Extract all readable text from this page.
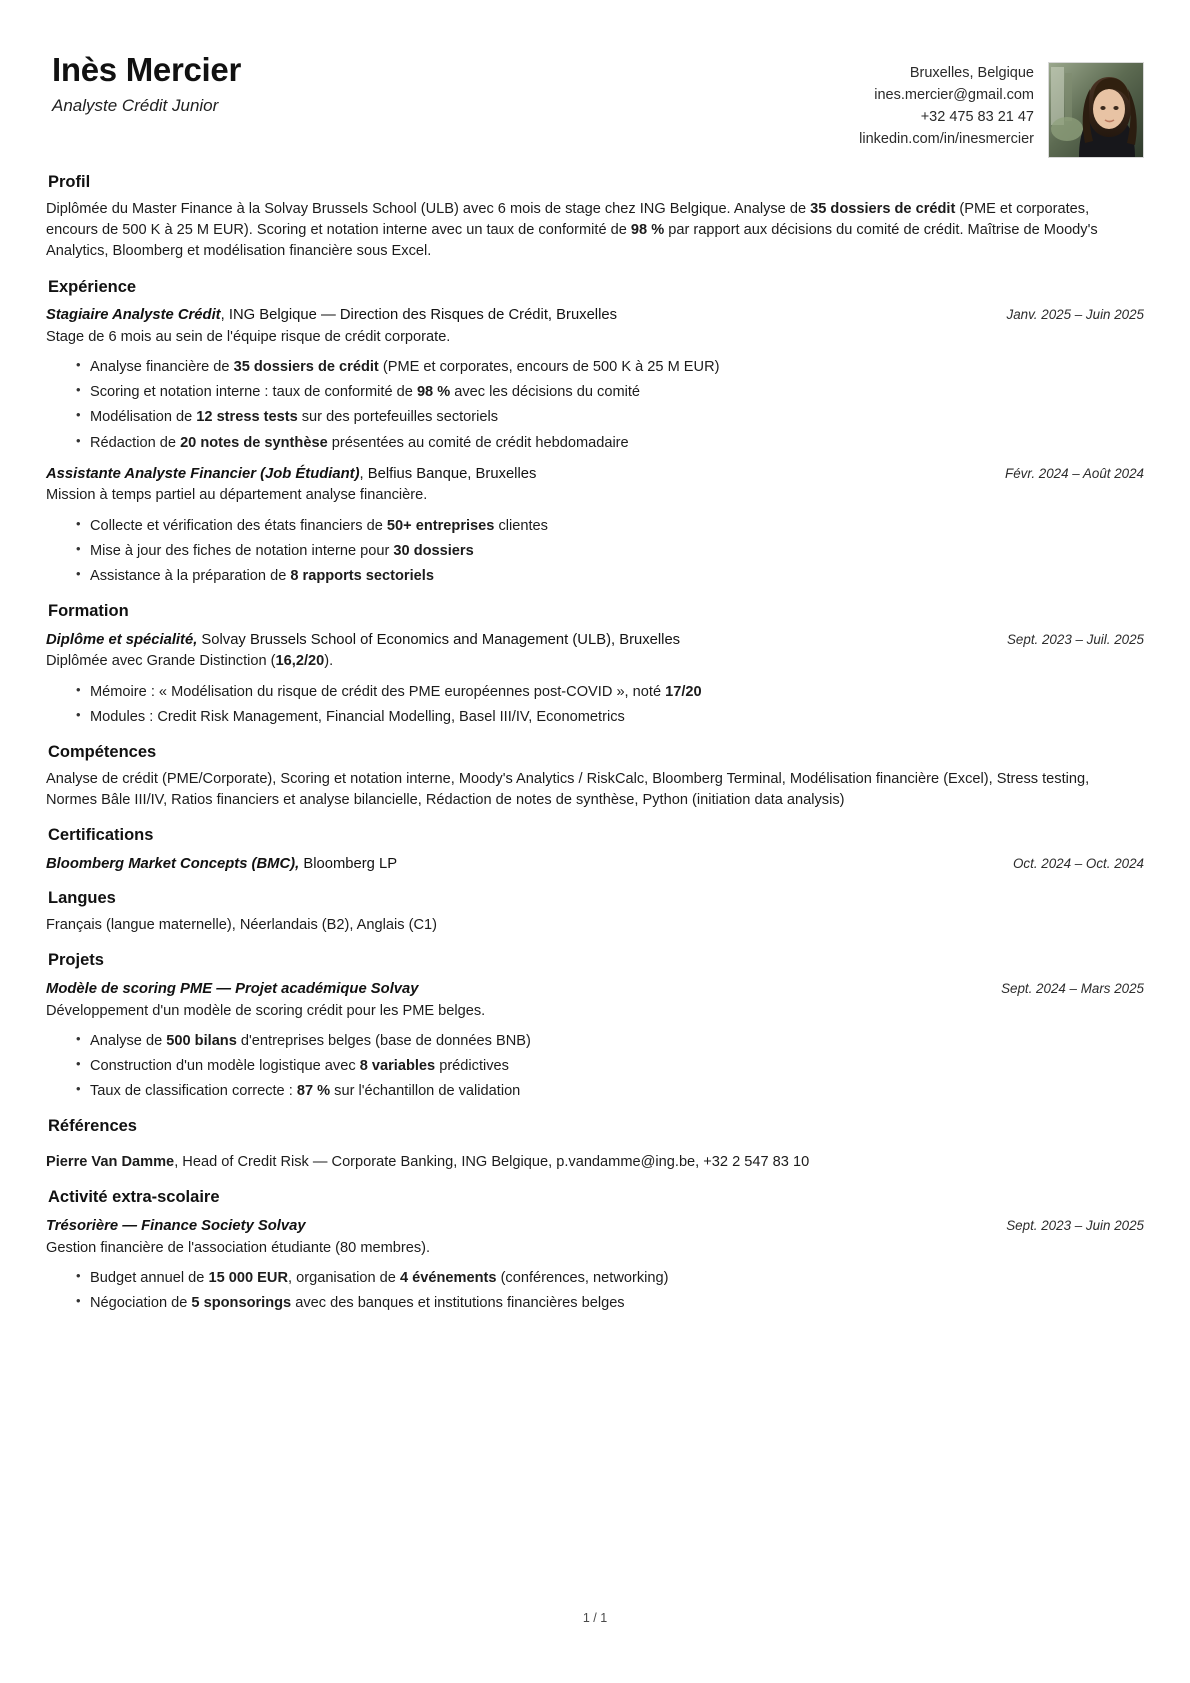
Inès Mercier
Analyste Crédit Junior
Bruxelles, Belgique
ines.mercier@gmail.com
+32 475 83 21 47
linkedin.com/in/inesmercier
Profil
Diplômée du Master Finance à la Solvay Brussels School (ULB) avec 6 mois de stage chez ING Belgique. Analyse de 35 dossiers de crédit (PME et corporates, encours de 500 K à 25 M EUR). Scoring et notation interne avec un taux de conformité de 98 % par rapport aux décisions du comité de crédit. Maîtrise de Moody's Analytics, Bloomberg et modélisation financière sous Excel.
Expérience
Stagiaire Analyste Crédit, ING Belgique — Direction des Risques de Crédit, Bruxelles	Janv. 2025 – Juin 2025
Stage de 6 mois au sein de l'équipe risque de crédit corporate.
• Analyse financière de 35 dossiers de crédit (PME et corporates, encours de 500 K à 25 M EUR)
• Scoring et notation interne : taux de conformité de 98 % avec les décisions du comité
• Modélisation de 12 stress tests sur des portefeuilles sectoriels
• Rédaction de 20 notes de synthèse présentées au comité de crédit hebdomadaire
Assistante Analyste Financier (Job Étudiant), Belfius Banque, Bruxelles	Févr. 2024 – Août 2024
Mission à temps partiel au département analyse financière.
• Collecte et vérification des états financiers de 50+ entreprises clientes
• Mise à jour des fiches de notation interne pour 30 dossiers
• Assistance à la préparation de 8 rapports sectoriels
Formation
Diplôme et spécialité, Solvay Brussels School of Economics and Management (ULB), Bruxelles	Sept. 2023 – Juil. 2025
Diplômée avec Grande Distinction (16,2/20).
• Mémoire : « Modélisation du risque de crédit des PME européennes post-COVID », noté 17/20
• Modules : Credit Risk Management, Financial Modelling, Basel III/IV, Econometrics
Compétences
Analyse de crédit (PME/Corporate), Scoring et notation interne, Moody's Analytics / RiskCalc, Bloomberg Terminal, Modélisation financière (Excel), Stress testing, Normes Bâle III/IV, Ratios financiers et analyse bilancielle, Rédaction de notes de synthèse, Python (initiation data analysis)
Certifications
Bloomberg Market Concepts (BMC), Bloomberg LP	Oct. 2024 – Oct. 2024
Langues
Français (langue maternelle), Néerlandais (B2), Anglais (C1)
Projets
Modèle de scoring PME — Projet académique Solvay	Sept. 2024 – Mars 2025
Développement d'un modèle de scoring crédit pour les PME belges.
• Analyse de 500 bilans d'entreprises belges (base de données BNB)
• Construction d'un modèle logistique avec 8 variables prédictives
• Taux de classification correcte : 87 % sur l'échantillon de validation
Références
Pierre Van Damme, Head of Credit Risk — Corporate Banking, ING Belgique, p.vandamme@ing.be, +32 2 547 83 10
Activité extra-scolaire
Trésorière — Finance Society Solvay	Sept. 2023 – Juin 2025
Gestion financière de l'association étudiante (80 membres).
• Budget annuel de 15 000 EUR, organisation de 4 événements (conférences, networking)
• Négociation de 5 sponsorings avec des banques et institutions financières belges
1 / 1
